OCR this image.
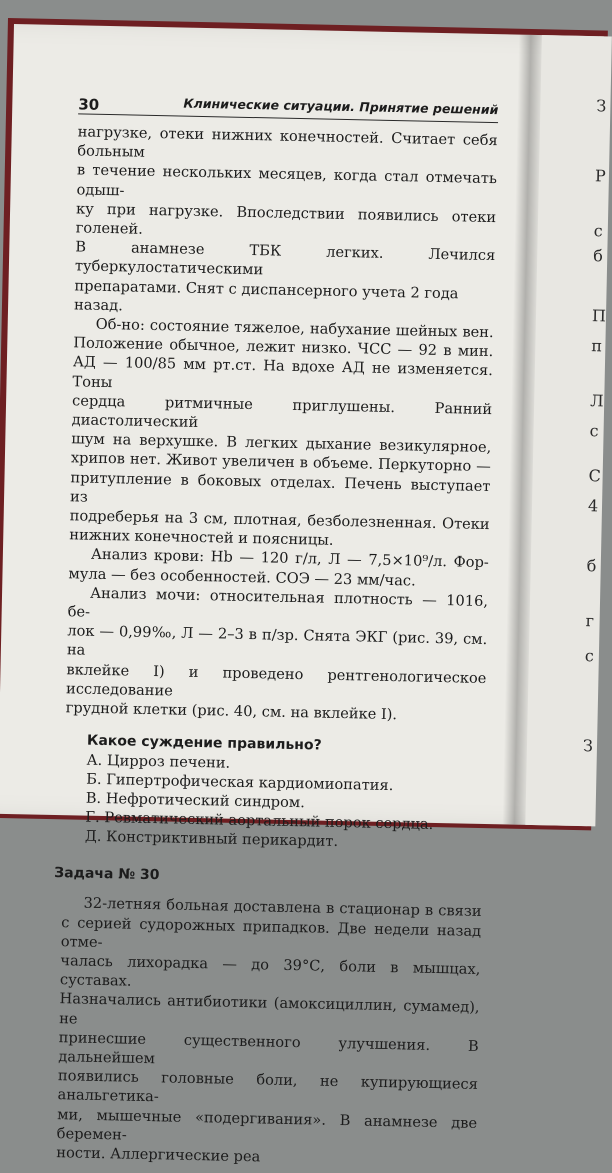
З
Р
с
б
П
п
Л
с
С
4
б
г
с
З
30	Клинические ситуации. Принятие решений

нагрузке, отеки нижних конечностей. Считает себя больным

в течение нескольких месяцев, когда стал отмечать одыш-

ку при нагрузке. Впоследствии появились отеки голеней.

В анамнезе ТБК легких. Лечился туберкулостатическими

препаратами. Снят с диспансерного учета 2 года назад.

Об-но: состояние тяжелое, набухание шейных вен.

Положение обычное, лежит низко. ЧСС — 92 в мин.

АД — 100/85 мм рт.ст. На вдохе АД не изменяется. Тоны

сердца ритмичные приглушены. Ранний диастолический

шум на верхушке. В легких дыхание везикулярное,

хрипов нет. Живот увеличен в объеме. Перкуторно —

притупление в боковых отделах. Печень выступает из

подреберья на 3 см, плотная, безболезненная. Отеки

нижних конечностей и поясницы.

Анализ крови: Hb — 120 г/л, Л — 7,5×10⁹/л. Фор-

мула — без особенностей. СОЭ — 23 мм/час.

Анализ мочи: относительная плотность — 1016, бе-

лок — 0,99‰, Л — 2–3 в п/зр. Снята ЭКГ (рис. 39, см. на

вклейке I) и проведено рентгенологическое исследование

грудной клетки (рис. 40, см. на вклейке I).

Какое суждение правильно?
А. Цирроз печени.
Б. Гипертрофическая кардиомиопатия.
В. Нефротический синдром.
Г. Ревматический аортальный порок сердца.
Д. Констриктивный перикардит.
Задача № 30

32-летняя больная доставлена в стационар в связи

с серией судорожных припадков. Две недели назад отме-

чалась лихорадка — до 39°С, боли в мышцах, суставах.

Назначались антибиотики (амоксициллин, сумамед), не

принесшие существенного улучшения. В дальнейшем

появились головные боли, не купирующиеся анальгетика-

ми, мышечные «подергивания». В анамнезе две беремен-

ности. Аллергические реа
